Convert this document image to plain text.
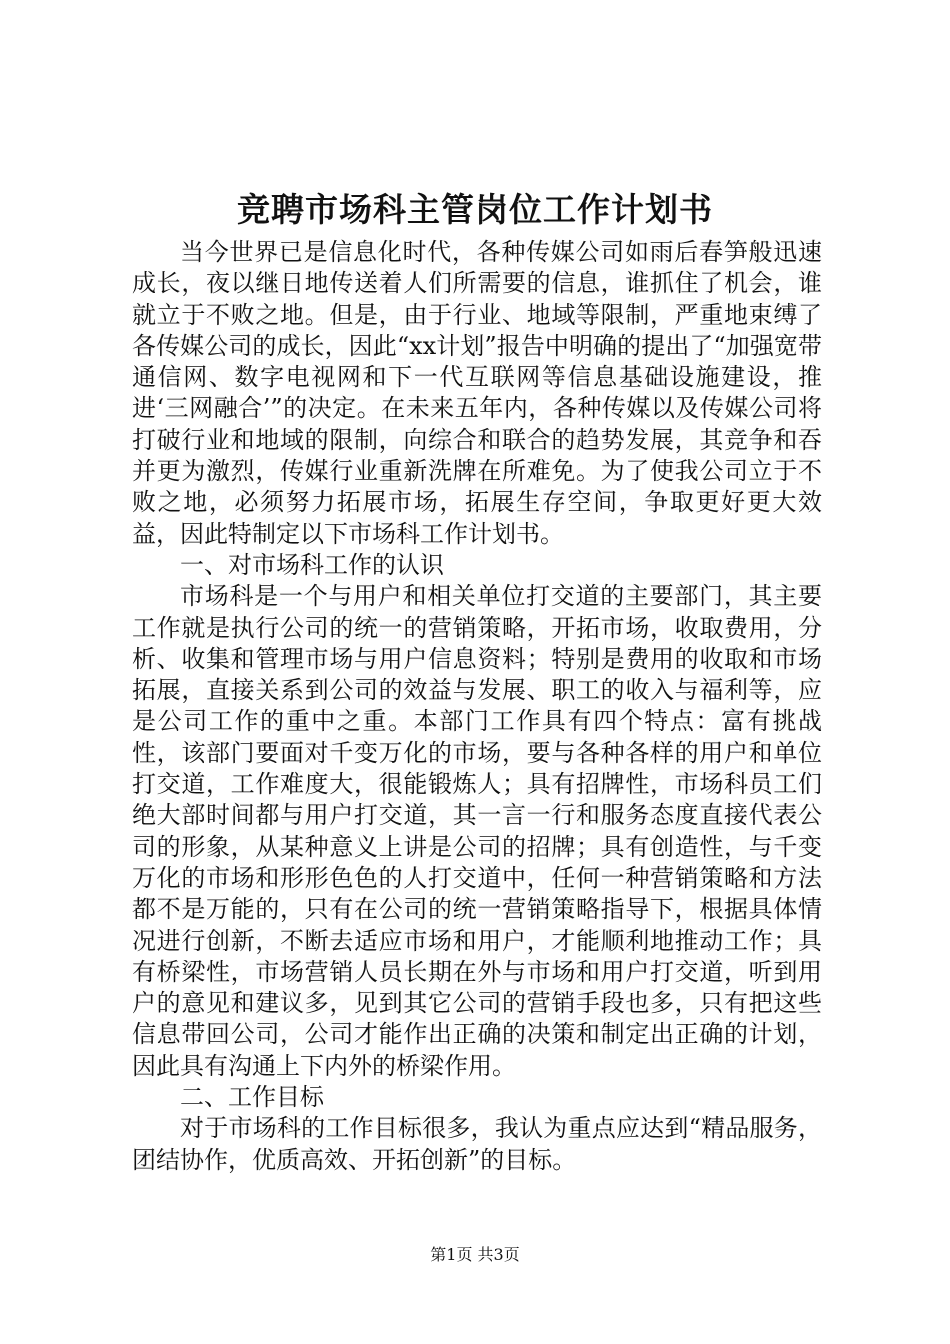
竞聘市场科主管岗位工作计划书

当今世界已是信息化时代，各种传媒公司如雨后春笋般迅速成长，夜以继日地传送着人们所需要的信息，谁抓住了机会，谁就立于不败之地。但是，由于行业、地域等限制，严重地束缚了各传媒公司的成长，因此“xx计划”报告中明确的提出了“加强宽带通信网、数字电视网和下一代互联网等信息基础设施建设，推进‘三网融合’”的决定。在未来五年内，各种传媒以及传媒公司将打破行业和地域的限制，向综合和联合的趋势发展，其竞争和吞并更为激烈，传媒行业重新洗牌在所难免。为了使我公司立于不败之地，必须努力拓展市场，拓展生存空间，争取更好更大效益，因此特制定以下市场科工作计划书。

一、对市场科工作的认识

市场科是一个与用户和相关单位打交道的主要部门，其主要工作就是执行公司的统一的营销策略，开拓市场，收取费用，分析、收集和管理市场与用户信息资料；特别是费用的收取和市场拓展，直接关系到公司的效益与发展、职工的收入与福利等，应是公司工作的重中之重。本部门工作具有四个特点：富有挑战性，该部门要面对千变万化的市场，要与各种各样的用户和单位打交道，工作难度大，很能锻炼人；具有招牌性，市场科员工们绝大部时间都与用户打交道，其一言一行和服务态度直接代表公司的形象，从某种意义上讲是公司的招牌；具有创造性，与千变万化的市场和形形色色的人打交道中，任何一种营销策略和方法都不是万能的，只有在公司的统一营销策略指导下，根据具体情况进行创新，不断去适应市场和用户，才能顺利地推动工作；具有桥梁性，市场营销人员长期在外与市场和用户打交道，听到用户的意见和建议多，见到其它公司的营销手段也多，只有把这些信息带回公司，公司才能作出正确的决策和制定出正确的计划，因此具有沟通上下内外的桥梁作用。

二、工作目标

对于市场科的工作目标很多，我认为重点应达到“精品服务，团结协作，优质高效、开拓创新”的目标。

第1页 共3页
